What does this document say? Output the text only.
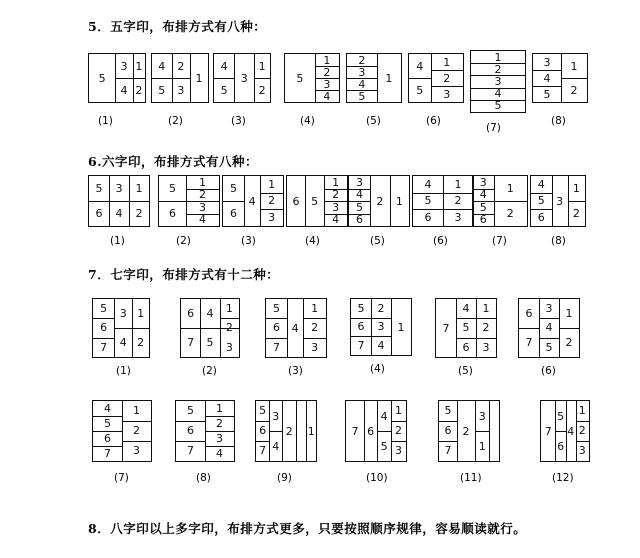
5．五字印，布排方式有八种：
6.六字印，布排方式有八种：
7．七字印，布排方式有十二种：
8．八字印以上多字印，布排方式更多，只要按照顺序规律，容易顺读就行。
5
3 1
4 2
(1)
4	2
5	3
1
(2)
4
5
3
1
2
(3)
5
1
2
3
4
(4)
2
3
4
5
1
(5)
4	1
2
5	3
(6)
1
2
3
4
5
(7)
3
4
5
1
2
(8)
5	3	1
6	4	2
(1)
5
6
1
2
3
4
(2)
5
6
4
1
2
3
(3)
6	5
1
2
3
4
(4)
3
4
5
6
2	1
(5)
4	1
5	2
6	3
(6)
3
4
5
6
1
2
(7)
4
5
6
3
1
2
(8)
5
6
7
3
4
1
2
(1)
6	4	1
2
7	5	3
(2)
5
6
7
4
1
2
3
(3)
5	2
6	3
7	4
1
(4)
7
4	1
5	2
6	3
(5)
6	3	1
4
7	5	2
(6)
4
5
6
7
1
2
3
(7)
5
6
7
1
2
3
4
(8)
5
6
7
3
4
2	1
(9)
7 6
4
5
1
2
3
(10)
5
6
7
2
3
1
(11)
7
5
6
4
1
2
3
(12)
